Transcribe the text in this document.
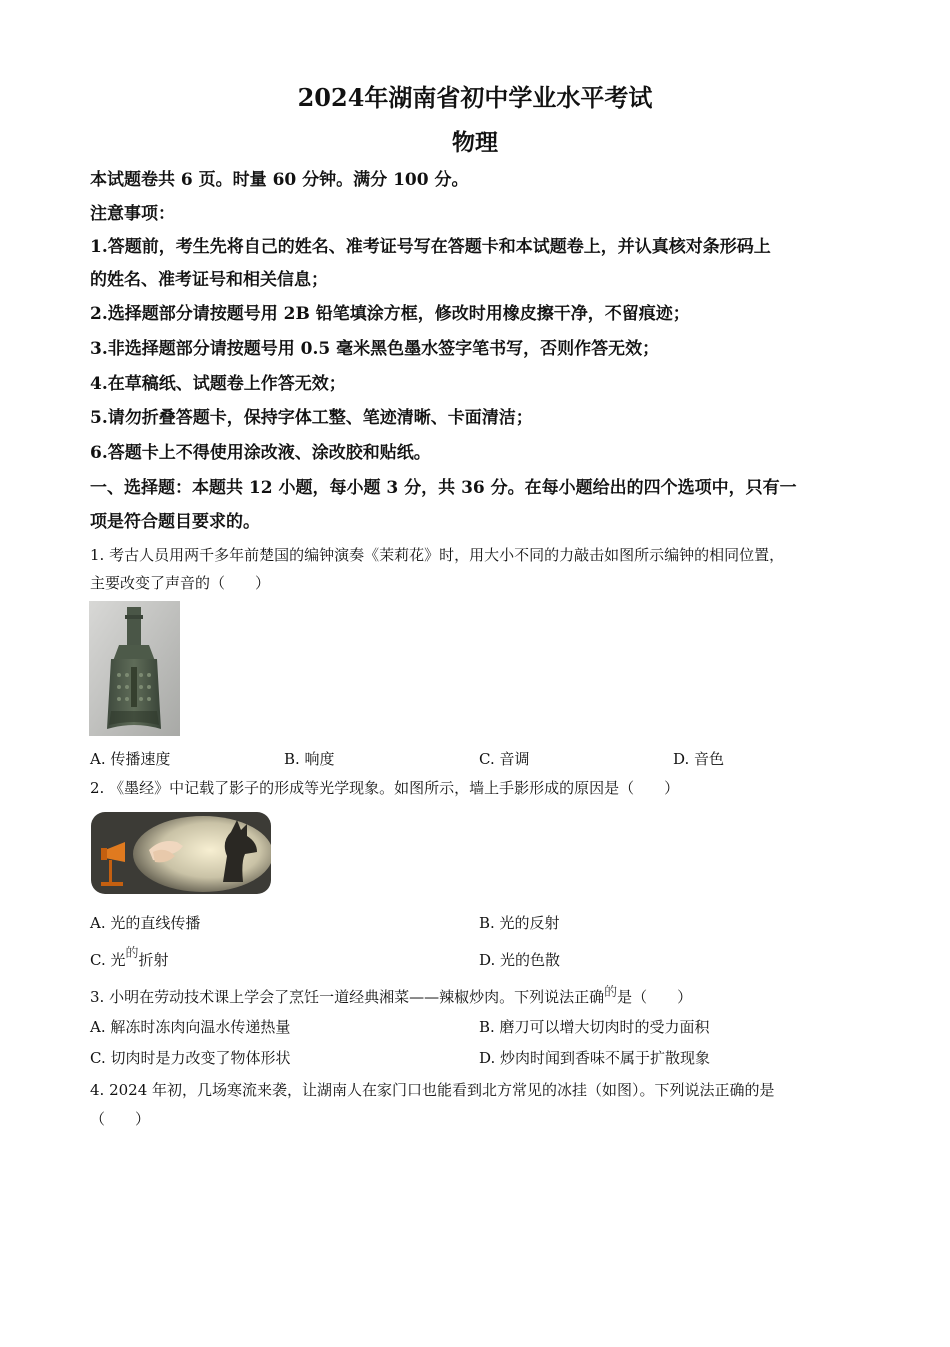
2024年湖南省初中学业水平考试
物理
本试题卷共 6 页。时量 60 分钟。满分 100 分。
注意事项：
1.答题前，考生先将自己的姓名、准考证号写在答题卡和本试题卷上，并认真核对条形码上
的姓名、准考证号和相关信息；
2.选择题部分请按题号用 2B 铅笔填涂方框，修改时用橡皮擦干净，不留痕迹；
3.非选择题部分请按题号用 0.5 毫米黑色墨水签字笔书写，否则作答无效；
4.在草稿纸、试题卷上作答无效；
5.请勿折叠答题卡，保持字体工整、笔迹清晰、卡面清洁；
6.答题卡上不得使用涂改液、涂改胶和贴纸。
一、选择题：本题共 12 小题，每小题 3 分，共 36 分。在每小题给出的四个选项中，只有一
项是符合题目要求的。
1. 考古人员用两千多年前楚国的编钟演奏《茉莉花》时，用大小不同的力敲击如图所示编钟的相同位置，
主要改变了声音的（　　）
A. 传播速度	B. 响度	C. 音调	D. 音色
2. 《墨经》中记载了影子的形成等光学现象。如图所示，墙上手影形成的原因是（　　）
A. 光的直线传播	B. 光的反射
C. 光的折射	D. 光的色散
3. 小明在劳动技术课上学会了烹饪一道经典湘菜——辣椒炒肉。下列说法正确的是（　　）
A. 解冻时冻肉向温水传递热量	B. 磨刀可以增大切肉时的受力面积
C. 切肉时是力改变了物体形状	D. 炒肉时闻到香味不属于扩散现象
4. 2024 年初，几场寒流来袭，让湖南人在家门口也能看到北方常见的冰挂（如图）。下列说法正确的是
（　　）
